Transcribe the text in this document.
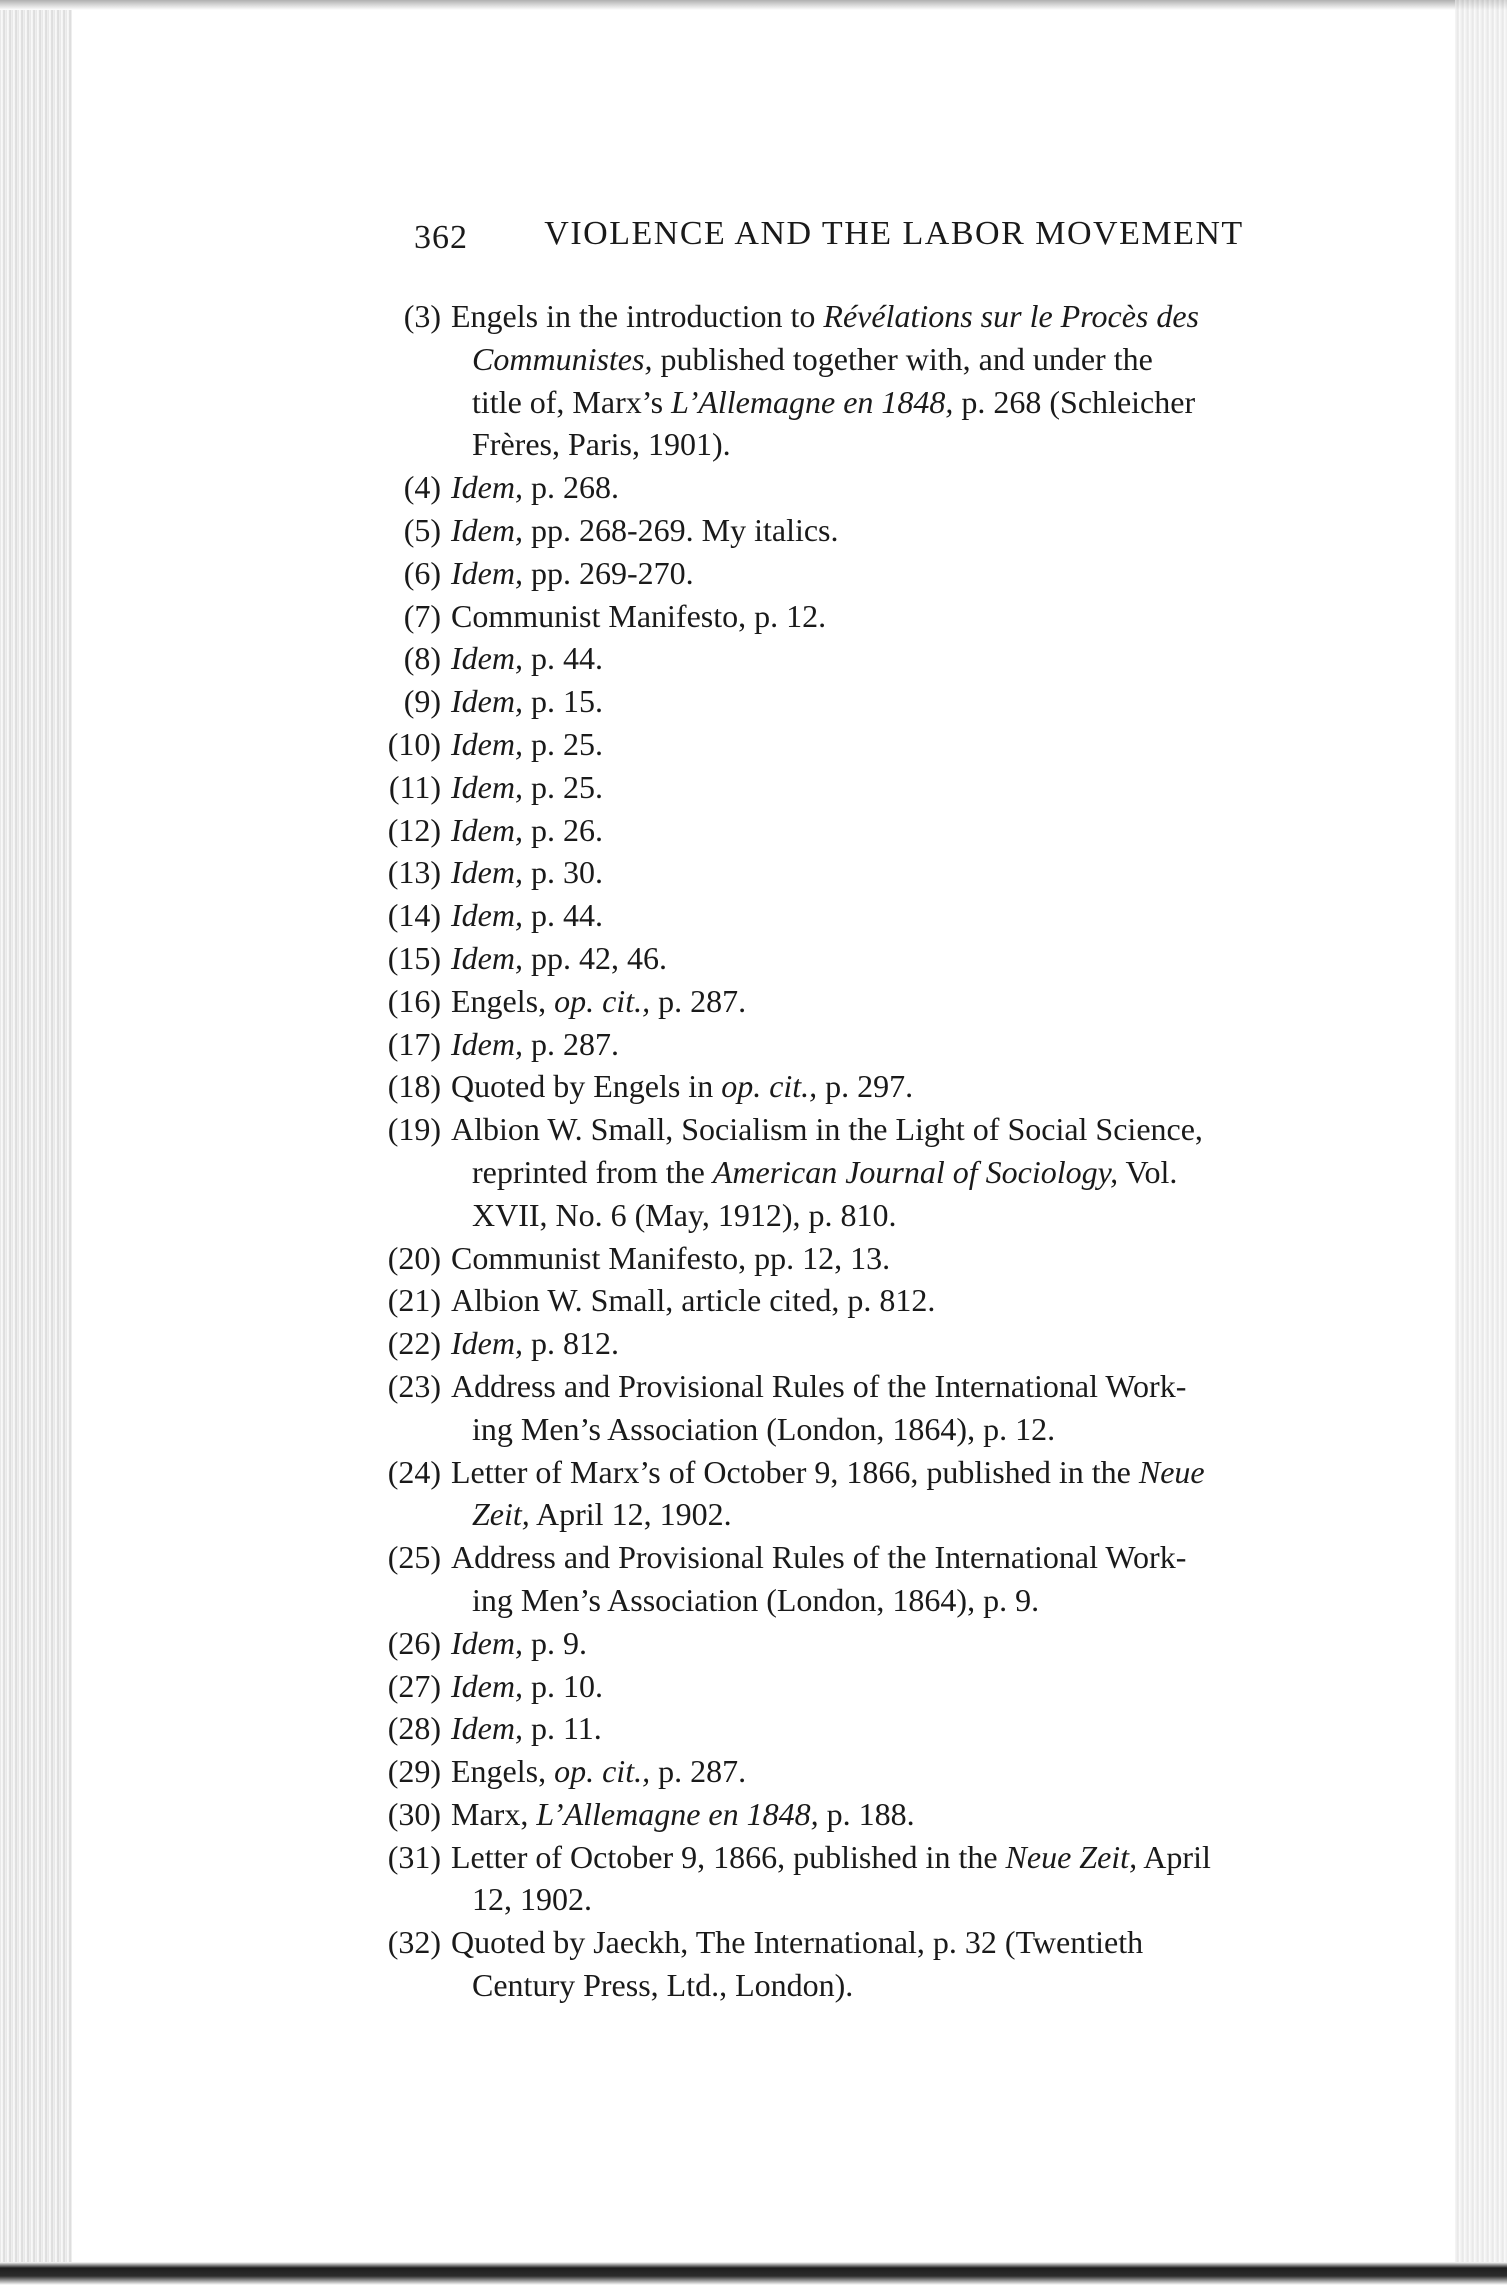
362	VIOLENCE AND THE LABOR MOVEMENT
(3) Engels in the introduction to Révélations sur le Procès des
Communistes, published together with, and under the
title of, Marx’s L’Allemagne en 1848, p. 268 (Schleicher
Frères, Paris, 1901).
(4) Idem, p. 268.
(5) Idem, pp. 268-269. My italics.
(6) Idem, pp. 269-270.
(7) Communist Manifesto, p. 12.
(8) Idem, p. 44.
(9) Idem, p. 15.
(10) Idem, p. 25.
(11) Idem, p. 25.
(12) Idem, p. 26.
(13) Idem, p. 30.
(14) Idem, p. 44.
(15) Idem, pp. 42, 46.
(16) Engels, op. cit., p. 287.
(17) Idem, p. 287.
(18) Quoted by Engels in op. cit., p. 297.
(19) Albion W. Small, Socialism in the Light of Social Science,
reprinted from the American Journal of Sociology, Vol.
XVII, No. 6 (May, 1912), p. 810.
(20) Communist Manifesto, pp. 12, 13.
(21) Albion W. Small, article cited, p. 812.
(22) Idem, p. 812.
(23) Address and Provisional Rules of the International Work-
ing Men’s Association (London, 1864), p. 12.
(24) Letter of Marx’s of October 9, 1866, published in the Neue
Zeit, April 12, 1902.
(25) Address and Provisional Rules of the International Work-
ing Men’s Association (London, 1864), p. 9.
(26) Idem, p. 9.
(27) Idem, p. 10.
(28) Idem, p. 11.
(29) Engels, op. cit., p. 287.
(30) Marx, L’Allemagne en 1848, p. 188.
(31) Letter of October 9, 1866, published in the Neue Zeit, April
12, 1902.
(32) Quoted by Jaeckh, The International, p. 32 (Twentieth
Century Press, Ltd., London).
